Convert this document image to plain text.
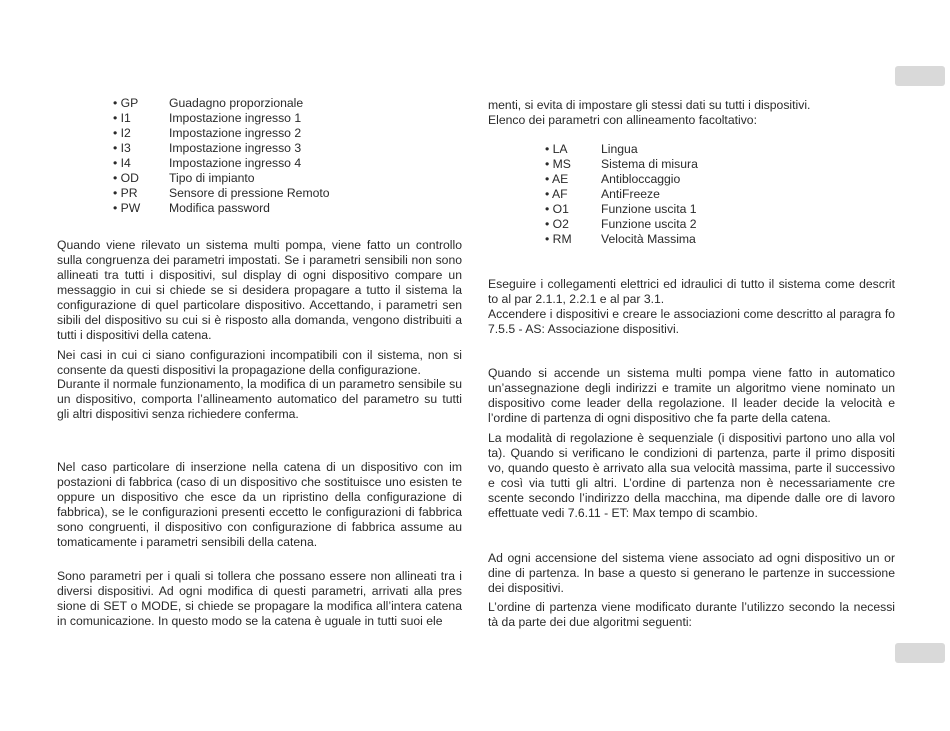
• GP	Guadagno proporzionale
• I1	Impostazione ingresso 1
• I2	Impostazione ingresso 2
• I3	Impostazione ingresso 3
• I4	Impostazione ingresso 4
• OD Tipo di impianto
• PR	Sensore di pressione Remoto
• PW Modifica password

Quando viene rilevato un sistema multi pompa, viene fatto un controllo sulla congruenza dei parametri impostati. Se i parametri sensibili non sono allineati tra tutti i dispositivi, sul display di ogni dispositivo compare un messaggio in cui si chiede se si desidera propagare a tutto il sistema la configurazione di quel particolare dispositivo. Accettando, i parametri sen sibili del dispositivo su cui si è risposto alla domanda, vengono distribuiti a tutti i dispositivi della catena.

Nei casi in cui ci siano configurazioni incompatibili con il sistema, non si consente da questi dispositivi la propagazione della configurazione.

Durante il normale funzionamento, la modifica di un parametro sensibile su un dispositivo, comporta l’allineamento automatico del parametro su tutti gli altri dispositivi senza richiedere conferma.

Nel caso particolare di inserzione nella catena di un dispositivo con im postazioni di fabbrica (caso di un dispositivo che sostituisce uno esisten te oppure un dispositivo che esce da un ripristino della configurazione di fabbrica), se le configurazioni presenti eccetto le configurazioni di fabbrica sono congruenti, il dispositivo con configurazione di fabbrica assume au tomaticamente i parametri sensibili della catena.

Sono parametri per i quali si tollera che possano essere non allineati tra i diversi dispositivi. Ad ogni modifica di questi parametri, arrivati alla pres sione di SET o MODE, si chiede se propagare la modifica all’intera catena in comunicazione. In questo modo se la catena è uguale in tutti suoi ele

menti, si evita di impostare gli stessi dati su tutti i dispositivi.

Elenco dei parametri con allineamento facoltativo:

• LA	Lingua
• MS Sistema di misura
• AE	Antibloccaggio
• AF	AntiFreeze
• O1	Funzione uscita 1
• O2	Funzione uscita 2
• RM Velocità Massima

Eseguire i collegamenti elettrici ed idraulici di tutto il sistema come descrit to al par 2.1.1, 2.2.1 e al par 3.1.

Accendere i dispositivi e creare le associazioni come descritto al paragra fo 7.5.5 - AS: Associazione dispositivi.

Quando si accende un sistema multi pompa viene fatto in automatico un’assegnazione degli indirizzi e tramite un algoritmo viene nominato un dispositivo come leader della regolazione. Il leader decide la velocità e l’ordine di partenza di ogni dispositivo che fa parte della catena.

La modalità di regolazione è sequenziale (i dispositivi partono uno alla vol ta). Quando si verificano le condizioni di partenza, parte il primo dispositi vo, quando questo è arrivato alla sua velocità massima, parte il successivo e così via tutti gli altri. L’ordine di partenza non è necessariamente cre scente secondo l’indirizzo della macchina, ma dipende dalle ore di lavoro effettuate vedi 7.6.11 - ET: Max tempo di scambio.

Ad ogni accensione del sistema viene associato ad ogni dispositivo un or dine di partenza. In base a questo si generano le partenze in successione dei dispositivi.

L’ordine di partenza viene modificato durante l’utilizzo secondo la necessi tà da parte dei due algoritmi seguenti:
